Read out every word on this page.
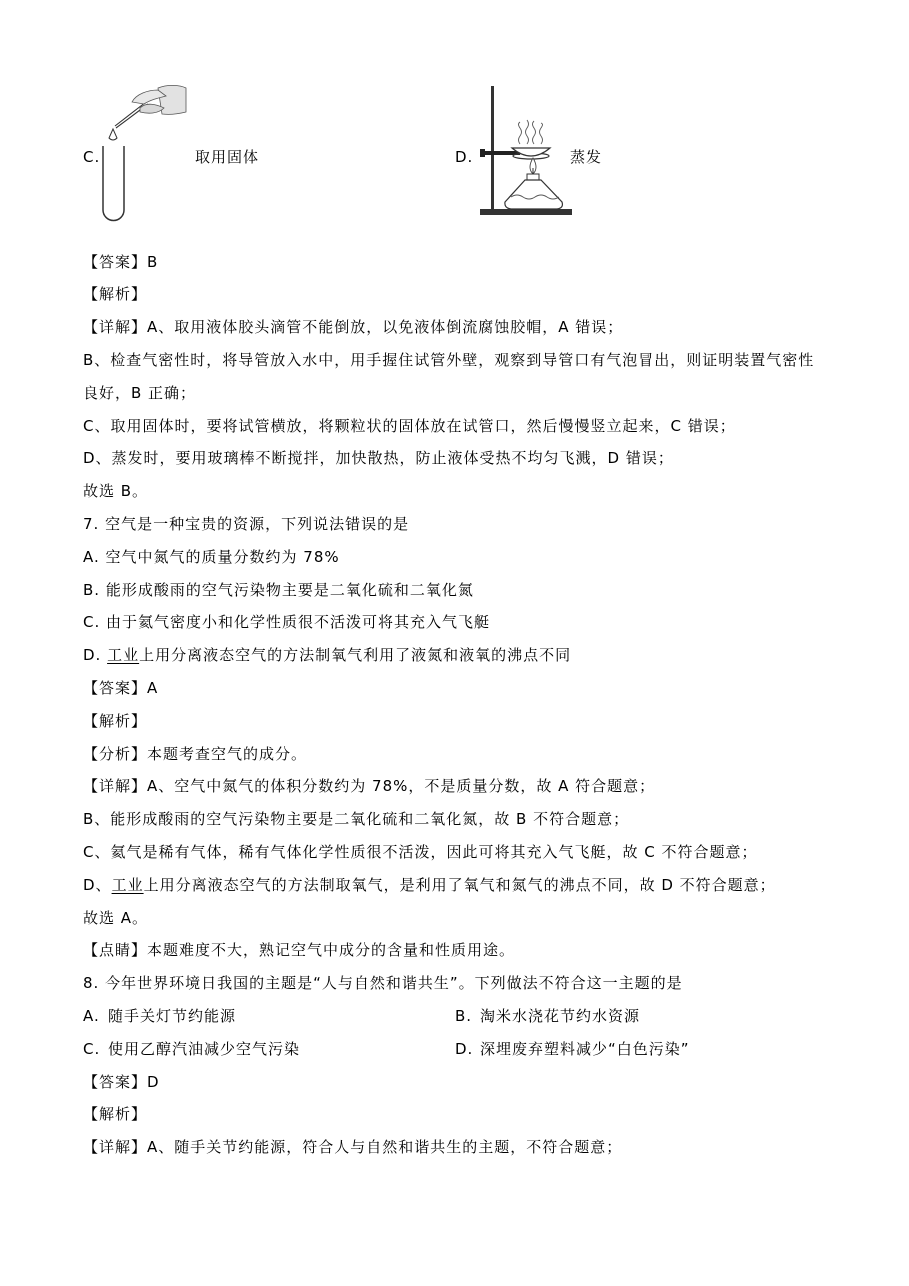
C.	取用固体	D.	蒸发
【答案】B
【解析】
【详解】A、取用液体胶头滴管不能倒放，以免液体倒流腐蚀胶帽，A 错误；
B、检查气密性时，将导管放入水中，用手握住试管外壁，观察到导管口有气泡冒出，则证明装置气密性
良好，B 正确；
C、取用固体时，要将试管横放，将颗粒状的固体放在试管口，然后慢慢竖立起来，C 错误；
D、蒸发时，要用玻璃棒不断搅拌，加快散热，防止液体受热不均匀飞溅，D 错误；
故选 B。
7. 空气是一种宝贵的资源，下列说法错误的是
A. 空气中氮气的质量分数约为 78%
B. 能形成酸雨的空气污染物主要是二氧化硫和二氧化氮
C. 由于氦气密度小和化学性质很不活泼可将其充入气飞艇
D. 工业上用分离液态空气的方法制氧气利用了液氮和液氧的沸点不同
【答案】A
【解析】
【分析】本题考查空气的成分。
【详解】A、空气中氮气的体积分数约为 78%，不是质量分数，故 A 符合题意；
B、能形成酸雨的空气污染物主要是二氧化硫和二氧化氮，故 B 不符合题意；
C、氦气是稀有气体，稀有气体化学性质很不活泼，因此可将其充入气飞艇，故 C 不符合题意；
D、工业上用分离液态空气的方法制取氧气，是利用了氧气和氮气的沸点不同，故 D 不符合题意；
故选 A。
【点睛】本题难度不大，熟记空气中成分的含量和性质用途。
8. 今年世界环境日我国的主题是“人与自然和谐共生”。下列做法不符合这一主题的是

A. 随手关灯节约能源

	B. 淘米水浇花节约水资源

C. 使用乙醇汽油减少空气污染

	D. 深埋废弃塑料减少“白色污染”

【答案】D
【解析】
【详解】A、随手关节约能源，符合人与自然和谐共生的主题，不符合题意；
